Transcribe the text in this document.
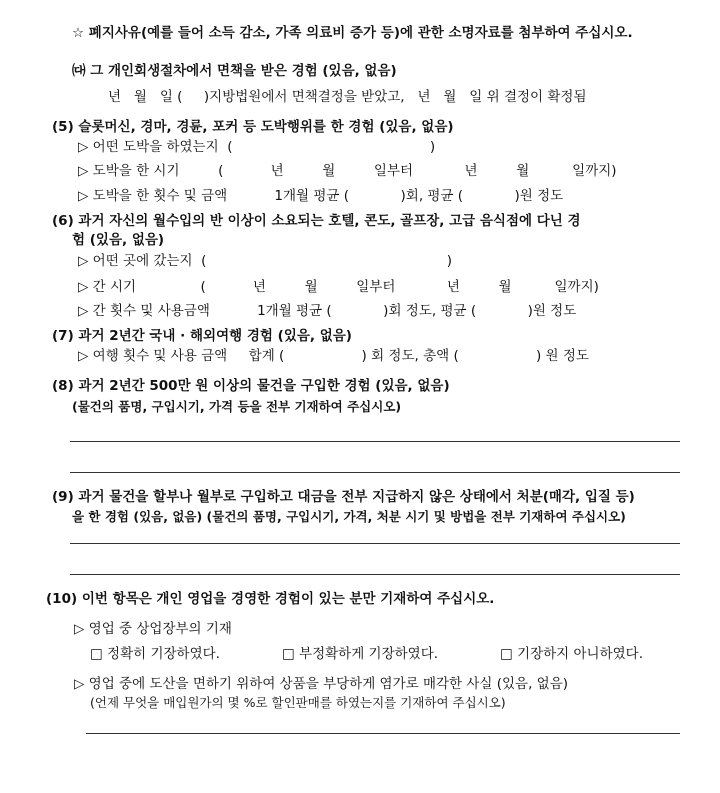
☆ 폐지사유(예를 들어 소득 감소, 가족 의료비 증가 등)에 관한 소명자료를 첨부하여 주십시오.
㈐ 그 개인회생절차에서 면책을 받은 경험 (있음, 없음)
년   월   일 (     )지방법원에서 면책결정을 받았고,   년   월   일 위 결정이 확정됨
(5) 슬롯머신, 경마, 경륜, 포커 등 도박행위를 한 경험 (있음, 없음)
▷ 어떤 도박을 하였는지  (                                              )
▷ 도박을 한 시기         (           년         월         일부터            년         월          일까지)
▷ 도박을 한 횟수 및 금액           1개월 평균 (            )회, 평균 (            )원 정도
(6) 과거 자신의 월수입의 반 이상이 소요되는 호텔, 콘도, 골프장, 고급 음식점에 다닌 경
험 (있음, 없음)
▷ 어떤 곳에 갔는지  (                                                        )
▷ 간 시기               (           년         월         일부터            년         월          일까지)
▷ 간 횟수 및 사용금액           1개월 평균 (            )회 정도, 평균 (            )원 정도
(7) 과거 2년간 국내 · 해외여행 경험 (있음, 없음)
▷ 여행 횟수 및 사용 금액     합계 (                  ) 회 정도, 총액 (                  ) 원 정도
(8) 과거 2년간 500만 원 이상의 물건을 구입한 경험 (있음, 없음)
(물건의 품명, 구입시기, 가격 등을 전부 기재하여 주십시오)
(9) 과거 물건을 할부나 월부로 구입하고 대금을 전부 지급하지 않은 상태에서 처분(매각, 입질 등)
을 한 경험 (있음, 없음) (물건의 품명, 구입시기, 가격, 처분 시기 및 방법을 전부 기재하여 주십시오)
(10) 이번 항목은 개인 영업을 경영한 경험이 있는 분만 기재하여 주십시오.
▷ 영업 중 상업장부의 기재
□ 정확히 기장하였다.	□ 부정확하게 기장하였다.	□ 기장하지 아니하였다.
▷ 영업 중에 도산을 면하기 위하여 상품을 부당하게 염가로 매각한 사실 (있음, 없음)
(언제 무엇을 매입원가의 몇 %로 할인판매를 하였는지를 기재하여 주십시오)
